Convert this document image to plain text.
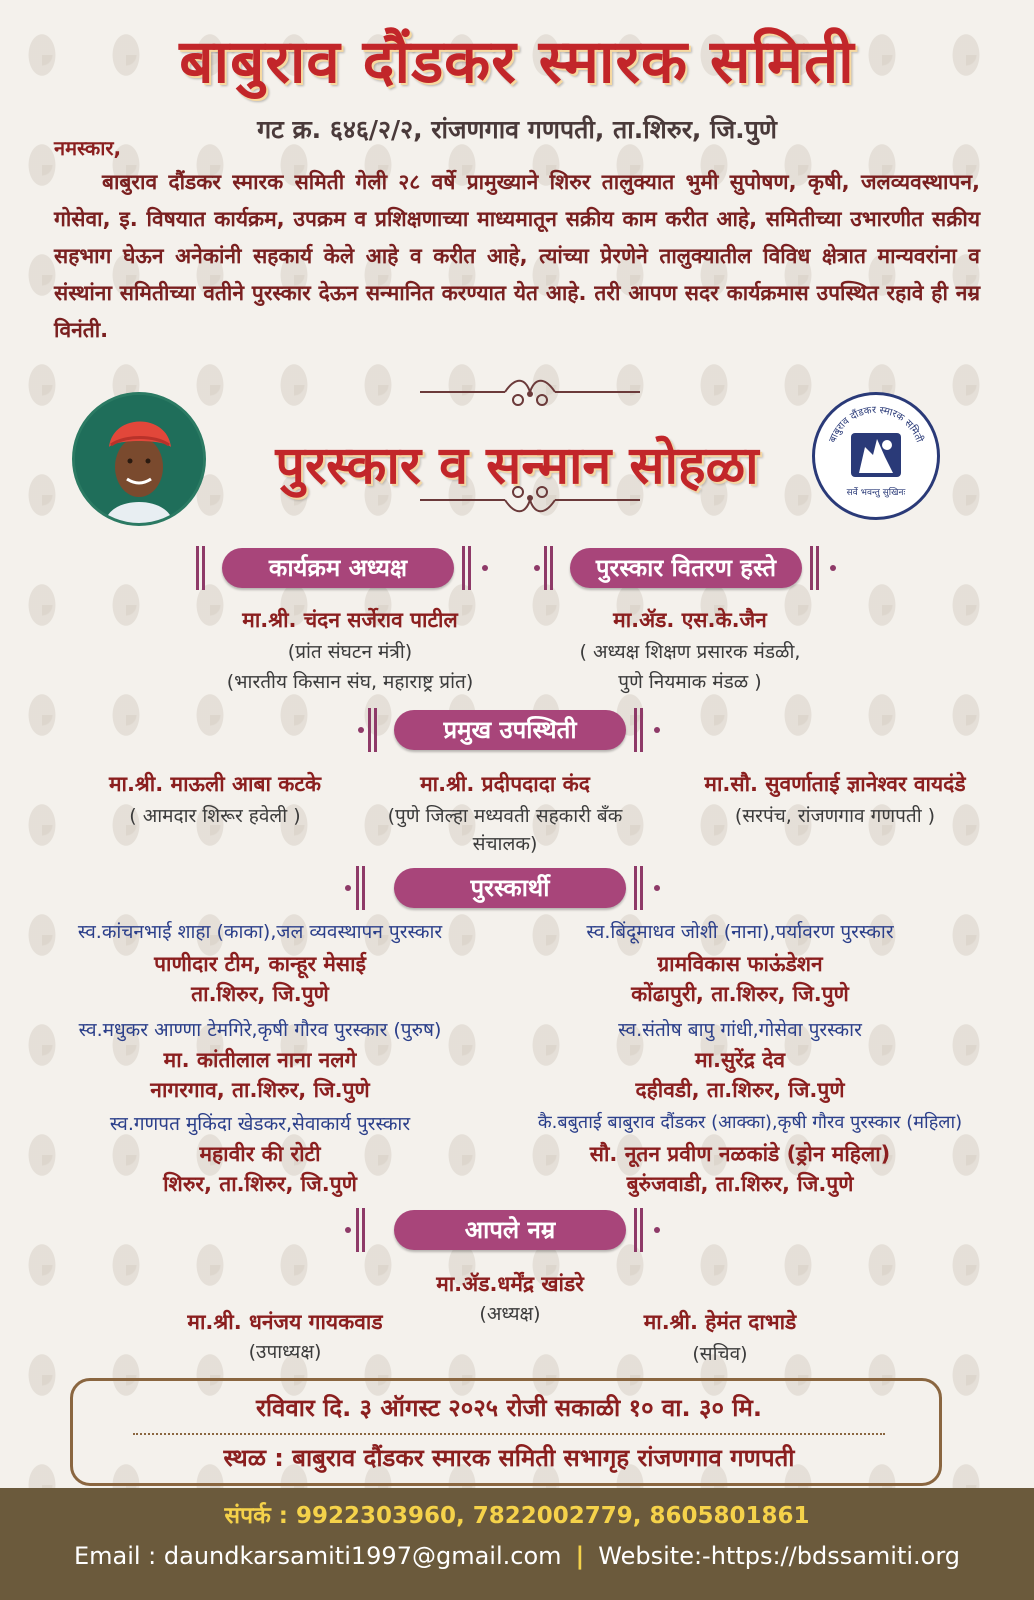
बाबुराव दौंडकर स्मारक समिती
गट क्र. ६४६/२/२, रांजणगाव गणपती, ता.शिरुर, जि.पुणे
नमस्कार,
बाबुराव दौंडकर स्मारक समिती गेली २८ वर्षे प्रामुख्याने शिरुर तालुक्यात भुमी सुपोषण, कृषी, जलव्यवस्थापन, गोसेवा, इ. विषयात कार्यक्रम, उपक्रम व प्रशिक्षणाच्या माध्यमातून सक्रीय काम करीत आहे, समितीच्या उभारणीत सक्रीय सहभाग घेऊन अनेकांनी सहकार्य केले आहे व करीत आहे, त्यांच्या प्रेरणेने तालुक्यातील विविध क्षेत्रात मान्यवरांना व संस्थांना समितीच्या वतीने पुरस्कार देऊन सन्मानित करण्यात येत आहे. तरी आपण सदर कार्यक्रमास उपस्थित रहावे ही नम्र विनंती.
पुरस्कार व सन्मान सोहळा	बाबुराव दौंडकर स्मारक समिती
सर्वे भवन्तु सुखिनः
कार्यक्रम अध्यक्ष
मा.श्री. चंदन सर्जेराव पाटील
(प्रांत संघटन मंत्री)
(भारतीय किसान संघ, महाराष्ट्र प्रांत)
पुरस्कार वितरण हस्ते
मा.ॲड. एस.के.जैन
( अध्यक्ष शिक्षण प्रसारक मंडळी,
पुणे नियमाक मंडळ )
प्रमुख उपस्थिती
मा.श्री. माऊली आबा कटके
( आमदार शिरूर हवेली )
मा.श्री. प्रदीपदादा कंद
(पुणे जिल्हा मध्यवती सहकारी बँक
संचालक)
मा.सौ. सुवर्णाताई ज्ञानेश्वर वायदंडे
(सरपंच, रांजणगाव गणपती )
पुरस्कार्थी
स्व.कांचनभाई शाहा (काका),जल व्यवस्थापन पुरस्कार
पाणीदार टीम, कान्हूर मेसाई
ता.शिरुर, जि.पुणे
स्व.मधुकर आण्णा टेमगिरे,कृषी गौरव पुरस्कार (पुरुष)
मा. कांतीलाल नाना नलगे
नागरगाव, ता.शिरुर, जि.पुणे
स्व.गणपत मुकिंदा खेडकर,सेवाकार्य पुरस्कार
महावीर की रोटी
शिरुर, ता.शिरुर, जि.पुणे
स्व.बिंदूमाधव जोशी (नाना),पर्यावरण पुरस्कार
ग्रामविकास फाऊंडेशन
कोंढापुरी, ता.शिरुर, जि.पुणे
स्व.संतोष बापु गांधी,गोसेवा पुरस्कार
मा.सुरेंद्र देव
दहीवडी, ता.शिरुर, जि.पुणे
कै.बबुताई बाबुराव दौंडकर (आक्का),कृषी गौरव पुरस्कार (महिला)
सौ. नूतन प्रवीण नळकांडे (ड्रोन महिला)
बुरुंजवाडी, ता.शिरुर, जि.पुणे
आपले नम्र
मा.ॲड.धर्मेंद्र खांडरे
(अध्यक्ष)
मा.श्री. धनंजय गायकवाड
(उपाध्यक्ष)
मा.श्री. हेमंत दाभाडे
(सचिव)
रविवार दि. ३ ऑगस्ट २०२५ रोजी सकाळी १० वा. ३० मि.
स्थळ : बाबुराव दौंडकर स्मारक समिती सभागृह रांजणगाव गणपती
संपर्क : 9922303960, 7822002779, 8605801861
Email : daundkarsamiti1997@gmail.com | Website:-https://bdssamiti.org
